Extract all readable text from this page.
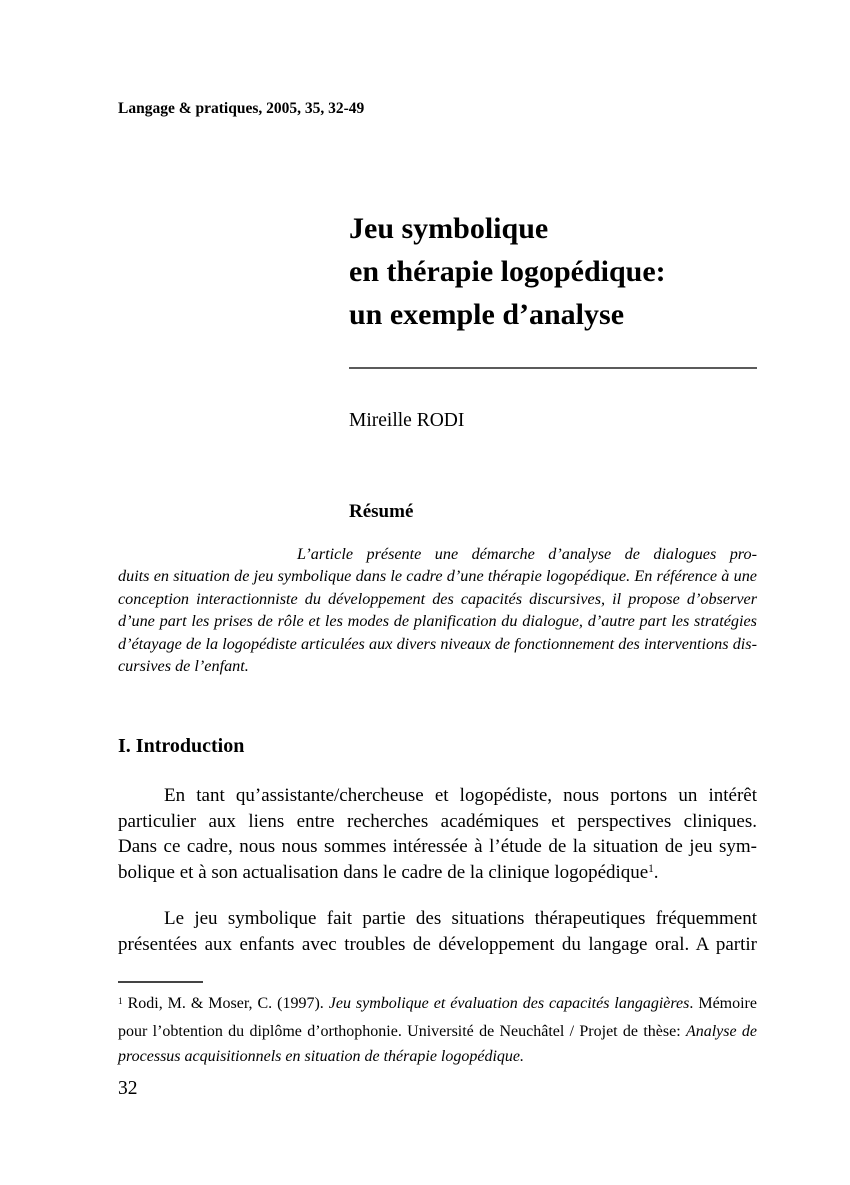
Langage & pratiques, 2005, 35, 32-49
Jeu symbolique
en thérapie logopédique:
un exemple d’analyse
Mireille RODI
Résumé
L’article présente une démarche d’analyse de dialogues pro-
duits en situation de jeu symbolique dans le cadre d’une thérapie logopédique. En référence à une
conception interactionniste du développement des capacités discursives, il propose d’observer
d’une part les prises de rôle et les modes de planification du dialogue, d’autre part les stratégies
d’étayage de la logopédiste articulées aux divers niveaux de fonctionnement des interventions dis-
cursives de l’enfant.
I. Introduction
En tant qu’assistante/chercheuse et logopédiste, nous portons un intérêt
particulier aux liens entre recherches académiques et perspectives cliniques.
Dans ce cadre, nous nous sommes intéressée à l’étude de la situation de jeu sym-
bolique et à son actualisation dans le cadre de la clinique logopédique$^1$.
Le jeu symbolique fait partie des situations thérapeutiques fréquemment
présentées aux enfants avec troubles de développement du langage oral. A partir
$^1$ Rodi, M. & Moser, C. (1997). Jeu symbolique et évaluation des capacités langagières. Mémoire
pour l’obtention du diplôme d’orthophonie. Université de Neuchâtel / Projet de thèse: Analyse de
processus acquisitionnels en situation de thérapie logopédique.
32
